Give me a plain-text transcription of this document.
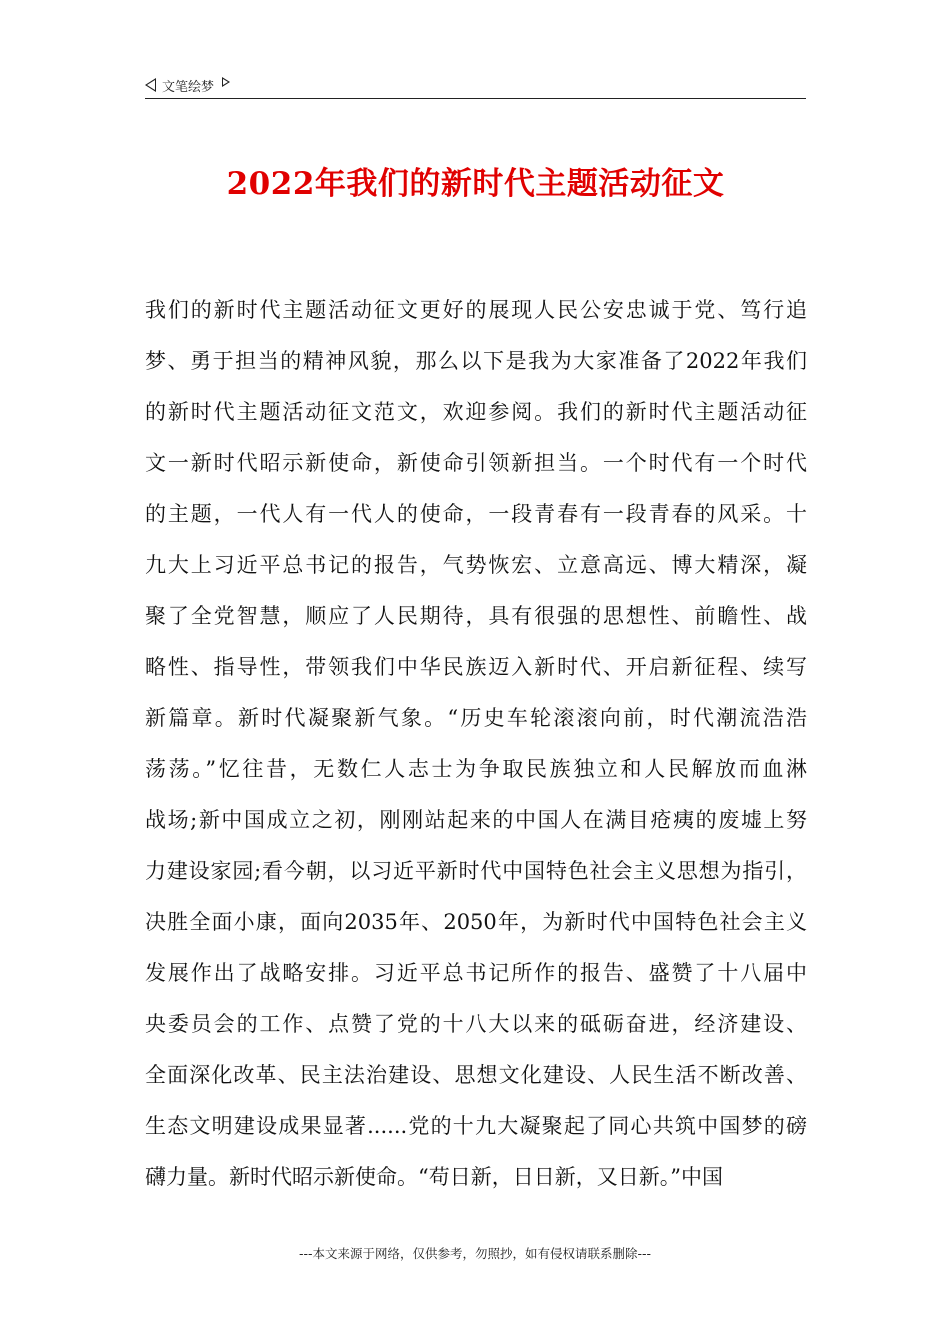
文笔绘梦
2022年我们的新时代主题活动征文
我们的新时代主题活动征文更好的展现人民公安忠诚于党、笃行追
梦、勇于担当的精神风貌，那么以下是我为大家准备了2022年我们
的新时代主题活动征文范文，欢迎参阅。我们的新时代主题活动征
文一新时代昭示新使命，新使命引领新担当。一个时代有一个时代
的主题，一代人有一代人的使命，一段青春有一段青春的风采。十
九大上习近平总书记的报告，气势恢宏、立意高远、博大精深，凝
聚了全党智慧，顺应了人民期待，具有很强的思想性、前瞻性、战
略性、指导性，带领我们中华民族迈入新时代、开启新征程、续写
新篇章。新时代凝聚新气象。“历史车轮滚滚向前，时代潮流浩浩
荡荡。”忆往昔，无数仁人志士为争取民族独立和人民解放而血淋
战场;新中国成立之初，刚刚站起来的中国人在满目疮痍的废墟上努
力建设家园;看今朝，以习近平新时代中国特色社会主义思想为指引，
决胜全面小康，面向2035年、2050年，为新时代中国特色社会主义
发展作出了战略安排。习近平总书记所作的报告、盛赞了十八届中
央委员会的工作、点赞了党的十八大以来的砥砺奋进，经济建设、
全面深化改革、民主法治建设、思想文化建设、人民生活不断改善、
生态文明建设成果显著......党的十九大凝聚起了同心共筑中国梦的磅
礴力量。新时代昭示新使命。“苟日新，日日新，又日新。”中国
---本文来源于网络，仅供参考，勿照抄，如有侵权请联系删除---
